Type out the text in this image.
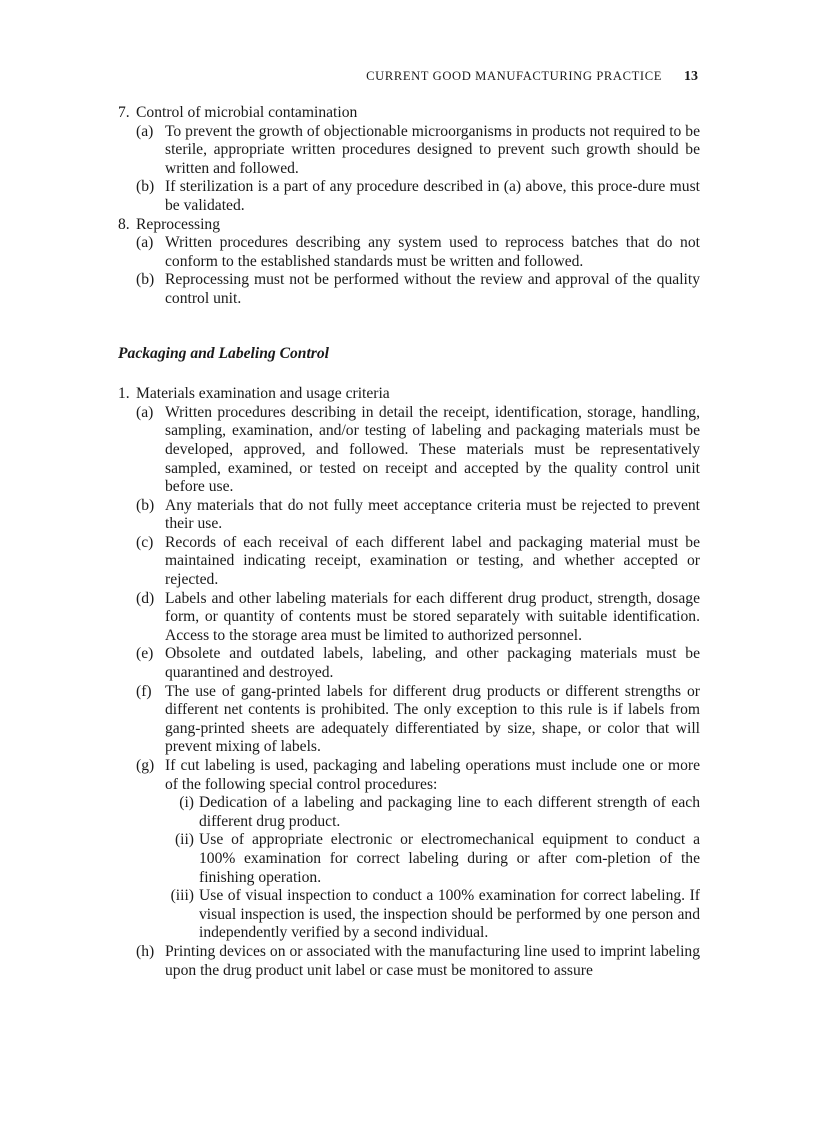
CURRENT GOOD MANUFACTURING PRACTICE 13
7. Control of microbial contamination
(a) To prevent the growth of objectionable microorganisms in products not required to be sterile, appropriate written procedures designed to prevent such growth should be written and followed.
(b) If sterilization is a part of any procedure described in (a) above, this proce-dure must be validated.
8. Reprocessing
(a) Written procedures describing any system used to reprocess batches that do not conform to the established standards must be written and followed.
(b) Reprocessing must not be performed without the review and approval of the quality control unit.
Packaging and Labeling Control
1. Materials examination and usage criteria
(a) Written procedures describing in detail the receipt, identification, storage, handling, sampling, examination, and/or testing of labeling and packaging materials must be developed, approved, and followed. These materials must be representatively sampled, examined, or tested on receipt and accepted by the quality control unit before use.
(b) Any materials that do not fully meet acceptance criteria must be rejected to prevent their use.
(c) Records of each receival of each different label and packaging material must be maintained indicating receipt, examination or testing, and whether accepted or rejected.
(d) Labels and other labeling materials for each different drug product, strength, dosage form, or quantity of contents must be stored separately with suitable identification. Access to the storage area must be limited to authorized personnel.
(e) Obsolete and outdated labels, labeling, and other packaging materials must be quarantined and destroyed.
(f) The use of gang-printed labels for different drug products or different strengths or different net contents is prohibited. The only exception to this rule is if labels from gang-printed sheets are adequately differentiated by size, shape, or color that will prevent mixing of labels.
(g) If cut labeling is used, packaging and labeling operations must include one or more of the following special control procedures:
(i) Dedication of a labeling and packaging line to each different strength of each different drug product.
(ii) Use of appropriate electronic or electromechanical equipment to conduct a 100% examination for correct labeling during or after com-pletion of the finishing operation.
(iii) Use of visual inspection to conduct a 100% examination for correct labeling. If visual inspection is used, the inspection should be performed by one person and independently verified by a second individual.
(h) Printing devices on or associated with the manufacturing line used to imprint labeling upon the drug product unit label or case must be monitored to assure
